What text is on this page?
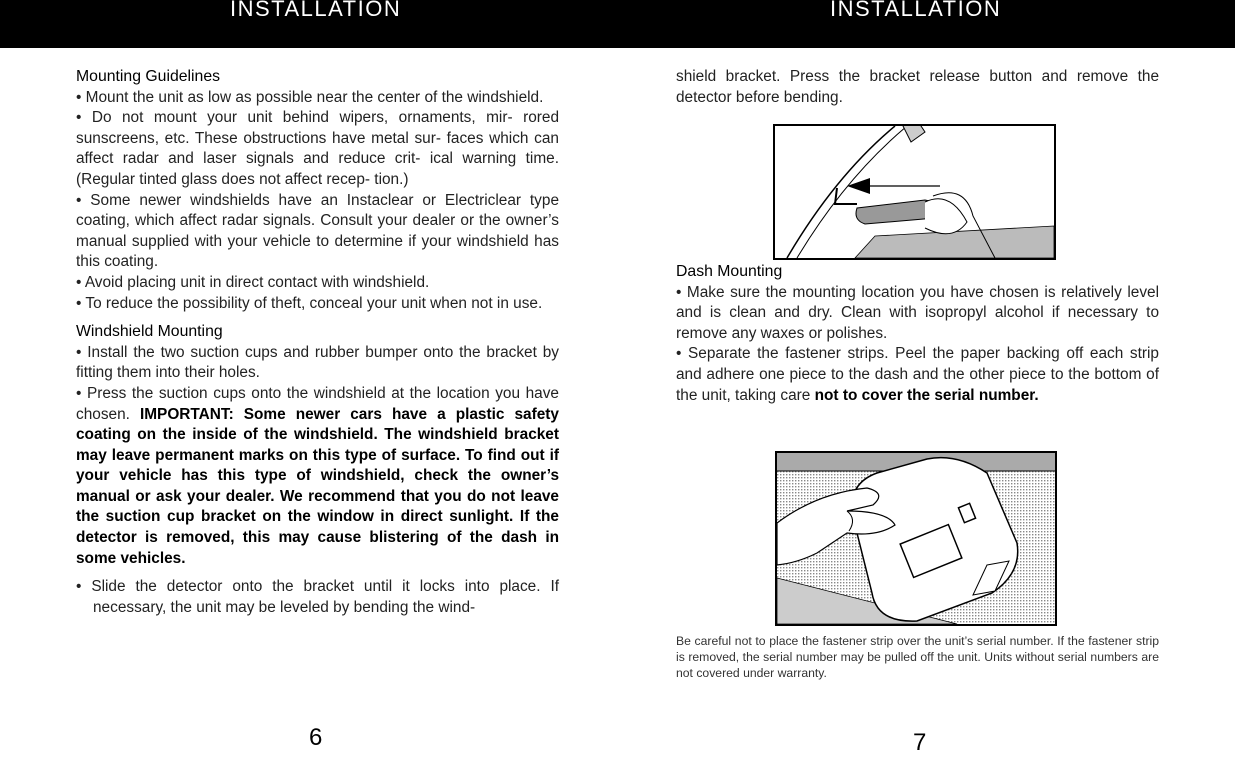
INSTALLATION	INSTALLATION
Mounting Guidelines

• Mount the unit as low as possible near the center of the windshield.

• Do not mount your unit behind wipers, ornaments, mir- rored sunscreens, etc. These obstructions have metal sur- faces which can affect radar and laser signals and reduce crit- ical warning time. (Regular tinted glass does not affect recep- tion.)

• Some newer windshields have an Instaclear or Electriclear type coating, which affect radar signals. Consult your dealer or the owner’s manual supplied with your vehicle to determine if your windshield has this coating.

• Avoid placing unit in direct contact with windshield.

• To reduce the possibility of theft, conceal your unit when not in use.

Windshield Mounting

• Install the two suction cups and rubber bumper onto the bracket by fitting them into their holes.

• Press the suction cups onto the windshield at the location you have chosen. IMPORTANT: Some newer cars have a plastic safety coating on the inside of the windshield. The windshield bracket may leave permanent marks on this type of surface. To find out if your vehicle has this type of windshield, check the owner’s manual or ask your dealer. We recommend that you do not leave the suction cup bracket on the window in direct sunlight. If the detector is removed, this may cause blistering of the dash in some vehicles.

• Slide the detector onto the bracket until it locks into place. If necessary, the unit may be leveled by bending the wind-

6

shield bracket. Press the bracket release button and remove the detector before bending.

Dash Mounting

• Make sure the mounting location you have chosen is relatively level and is clean and dry. Clean with isopropyl alcohol if necessary to remove any waxes or polishes.

• Separate the fastener strips. Peel the paper backing off each strip and adhere one piece to the dash and the other piece to the bottom of the unit, taking care not to cover the serial number.

Be careful not to place the fastener strip over the unit’s serial number. If the fastener strip is removed, the serial number may be pulled off the unit. Units without serial numbers are not covered under warranty.
7
